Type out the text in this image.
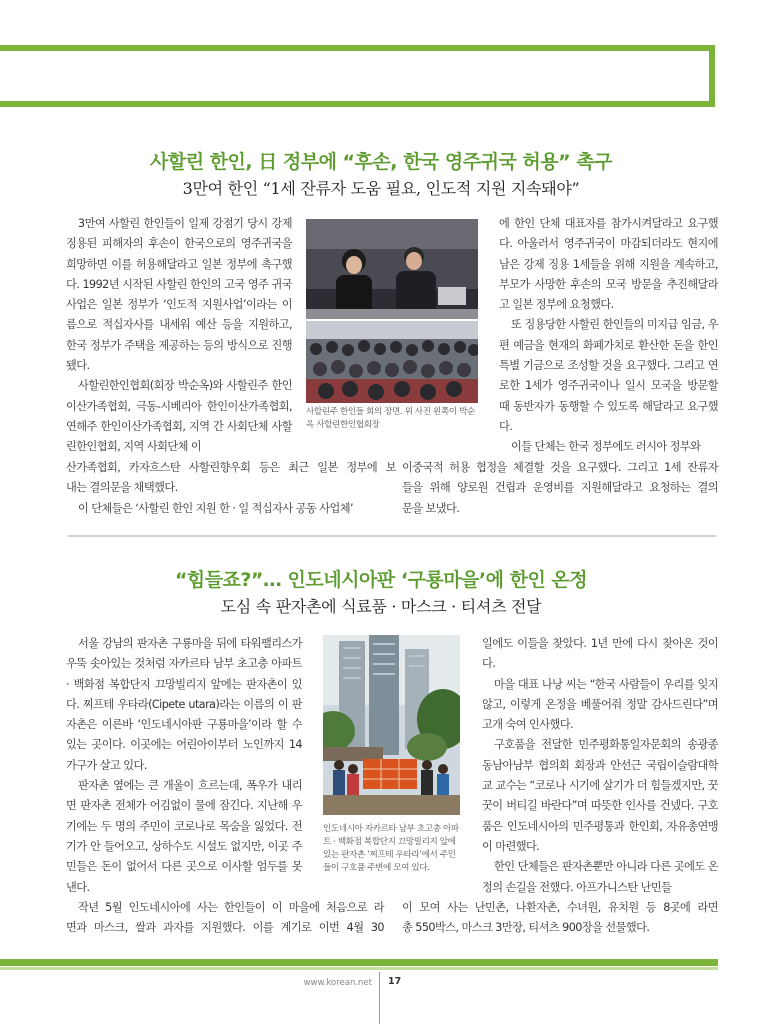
사할린 한인, 日 정부에 “후손, 한국 영주귀국 허용” 촉구
3만여 한인 “1세 잔류자 도움 필요, 인도적 지원 지속돼야”

3만여 사할린 한인들이 일제 강점기 당시 강제 징용된 피해자의 후손이 한국으로의 영주귀국을 희망하면 이를 허용해달라고 일본 정부에 촉구했다. 1992년 시작된 사할린 한인의 고국 영주 귀국 사업은 일본 정부가 ‘인도적 지원사업’이라는 이름으로 적십자사를 내세워 예산 등을 지원하고, 한국 정부가 주택을 제공하는 등의 방식으로 진행됐다.

사할린한인협회(회장 박순옥)와 사할린주 한인이산가족협회, 극동-시베리아 한인이산가족협회, 연해주 한인이산가족협회, 지역 간 사회단체 사할린한인협회, 지역 사회단체 이

산가족협회, 카자흐스탄 사할린향우회 등은 최근 일본 정부에 보
내는 결의문을 채택했다.
이 단체들은 ‘사할린 한인 지원 한 · 일 적십자사 공동 사업체’
사할린주 한인들 회의 장면. 위 사진 왼쪽이 박순옥 사할린한인협회장

에 한인 단체 대표자를 참가시켜달라고 요구했다. 아울러서 영주귀국이 마감되더라도 현지에 남은 강제 징용 1세들을 위해 지원을 계속하고, 부모가 사망한 후손의 모국 방문을 추진해달라고 일본 정부에 요청했다.

또 징용당한 사할린 한인들의 미지급 임금, 우편 예금을 현재의 화폐가치로 환산한 돈을 한인 특별 기금으로 조성할 것을 요구했다. 그리고 연로한 1세가 영주귀국이나 일시 모국을 방문할 때 동반자가 동행할 수 있도록 해달라고 요구했다.

이들 단체는 한국 정부에도 러시아 정부와

이중국적 허용 협정을 체결할 것을 요구했다. 그리고 1세 잔류자
들을 위해 양로원 건립과 운영비를 지원해달라고 요청하는 결의
문을 보냈다.
“힘들죠?”… 인도네시아판 ‘구룡마을’에 한인 온정
도심 속 판자촌에 식료품 · 마스크 · 티셔츠 전달

서울 강남의 판자촌 구룡마을 뒤에 타워팰리스가 우뚝 솟아있는 것처럼 자카르타 남부 초고층 아파트 · 백화점 복합단지 끄망빌리지 앞에는 판자촌이 있다. 찌프테 우타라(Cipete utara)라는 이름의 이 판자촌은 이른바 ‘인도네시아판 구룡마을’이라 할 수 있는 곳이다. 이곳에는 어린아이부터 노인까지 14가구가 살고 있다.

판자촌 옆에는 큰 개울이 흐르는데, 폭우가 내리면 판자촌 전체가 어김없이 물에 잠긴다. 지난해 우기에는 두 명의 주민이 코로나로 목숨을 잃었다. 전기가 안 들어오고, 상하수도 시설도 없지만, 이곳 주민들은 돈이 없어서 다른 곳으로 이사할 엄두를 못 낸다.

작년 5월 인도네시아에 사는 한인들이 이 마을에 처음으로 라
면과 마스크, 쌀과 과자를 지원했다. 이를 계기로 이번 4월 30
인도네시아 자카르타 남부 초고층 아파트 · 백화점 복합단지 끄망빌리지 앞에 있는 판자촌 ‘찌프테 우타라’에서 주민들이 구호품 주변에 모여 있다.

일에도 이들을 찾았다. 1년 만에 다시 찾아온 것이다.

마을 대표 나낭 씨는 “한국 사람들이 우리를 잊지 않고, 이렇게 온정을 베풀어줘 정말 감사드린다”며 고개 숙여 인사했다.

구호품을 전달한 민주평화통일자문회의 송광종 동남아남부 협의회 회장과 안선근 국립이슬람대학교 교수는 “코로나 시기에 살기가 더 힘들겠지만, 꿋꿋이 버티길 바란다”며 따뜻한 인사를 건넸다. 구호품은 인도네시아의 민주평통과 한인회, 자유총연맹이 마련했다.

한인 단체들은 판자촌뿐만 아니라 다른 곳에도 온정의 손길을 전했다. 아프가니스탄 난민들

이 모여 사는 난민촌, 나환자촌, 수녀원, 유치원 등 8곳에 라면
총 550박스, 마스크 3만장, 티셔츠 900장을 선물했다.
www.korean.net 17
